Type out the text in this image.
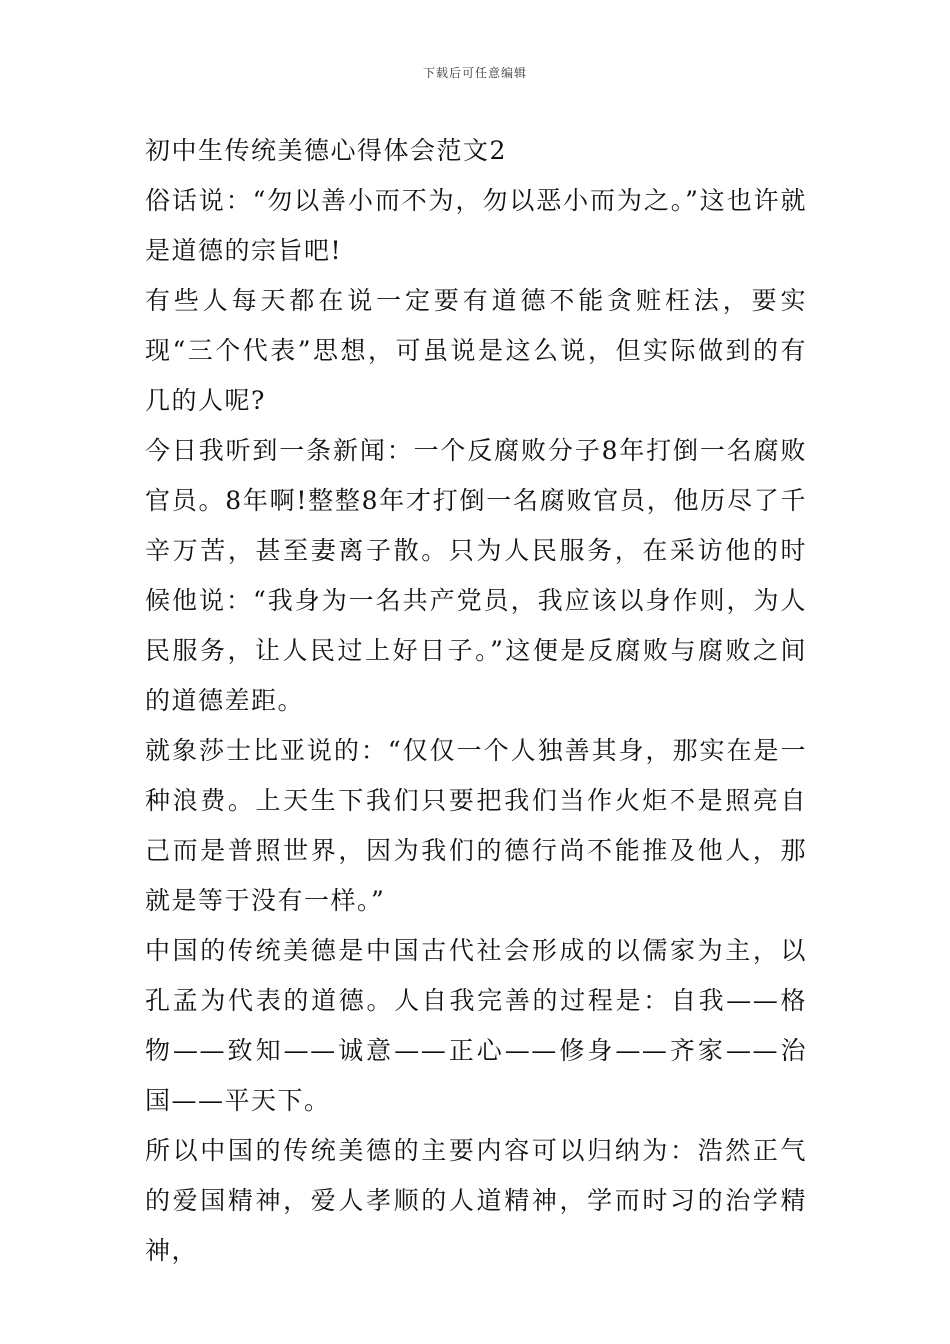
下载后可任意编辑

初中生传统美德心得体会范文2

俗话说：“勿以善小而不为，勿以恶小而为之。”这也许就是道德的宗旨吧!

有些人每天都在说一定要有道德不能贪赃枉法，要实现“三个代表”思想，可虽说是这么说，但实际做到的有几的人呢?

今日我听到一条新闻：一个反腐败分子8年打倒一名腐败官员。8年啊!整整8年才打倒一名腐败官员，他历尽了千辛万苦，甚至妻离子散。只为人民服务，在采访他的时候他说：“我身为一名共产党员，我应该以身作则，为人民服务，让人民过上好日子。”这便是反腐败与腐败之间的道德差距。

就象莎士比亚说的：“仅仅一个人独善其身，那实在是一种浪费。上天生下我们只要把我们当作火炬不是照亮自己而是普照世界，因为我们的德行尚不能推及他人，那就是等于没有一样。”

中国的传统美德是中国古代社会形成的以儒家为主，以孔孟为代表的道德。人自我完善的过程是：自我——格物——致知——诚意——正心——修身——齐家——治国——平天下。

所以中国的传统美德的主要内容可以归纳为：浩然正气的爱国精神，爱人孝顺的人道精神，学而时习的治学精神，
